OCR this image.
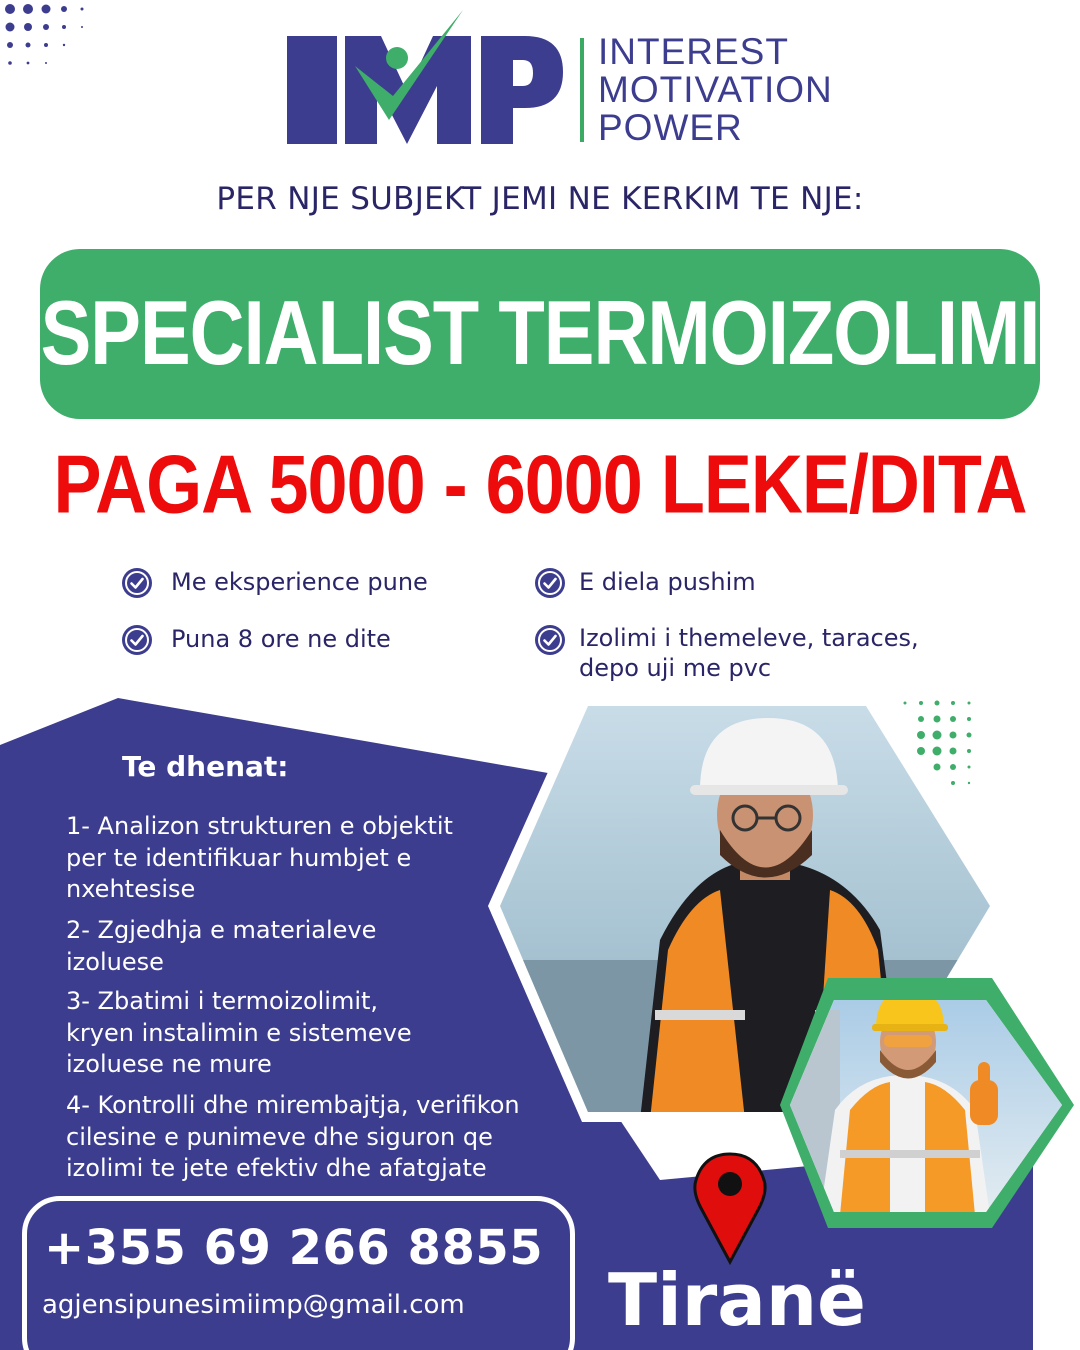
INTEREST
MOTIVATION
POWER
PER NJE SUBJEKT JEMI NE KERKIM TE NJE:
SPECIALIST TERMOIZOLIMI
PAGA 5000 - 6000 LEKE/DITA
Me eksperience pune	E diela pushim
Puna 8 ore ne dite	Izolimi i themeleve, taraces,
depo uji me pvc
Te dhenat:
1- Analizon strukturen e objektit
per te identifikuar humbjet e
nxehtesise
2- Zgjedhja e materialeve
izoluese
3- Zbatimi i termoizolimit,
kryen instalimin e sistemeve
izoluese ne mure
4- Kontrolli dhe mirembajtja, verifikon
cilesine e punimeve dhe siguron qe
izolimi te jete efektiv dhe afatgjate
+355 69 266 8855
agjensipunesimiimp@gmail.com Tiranë
